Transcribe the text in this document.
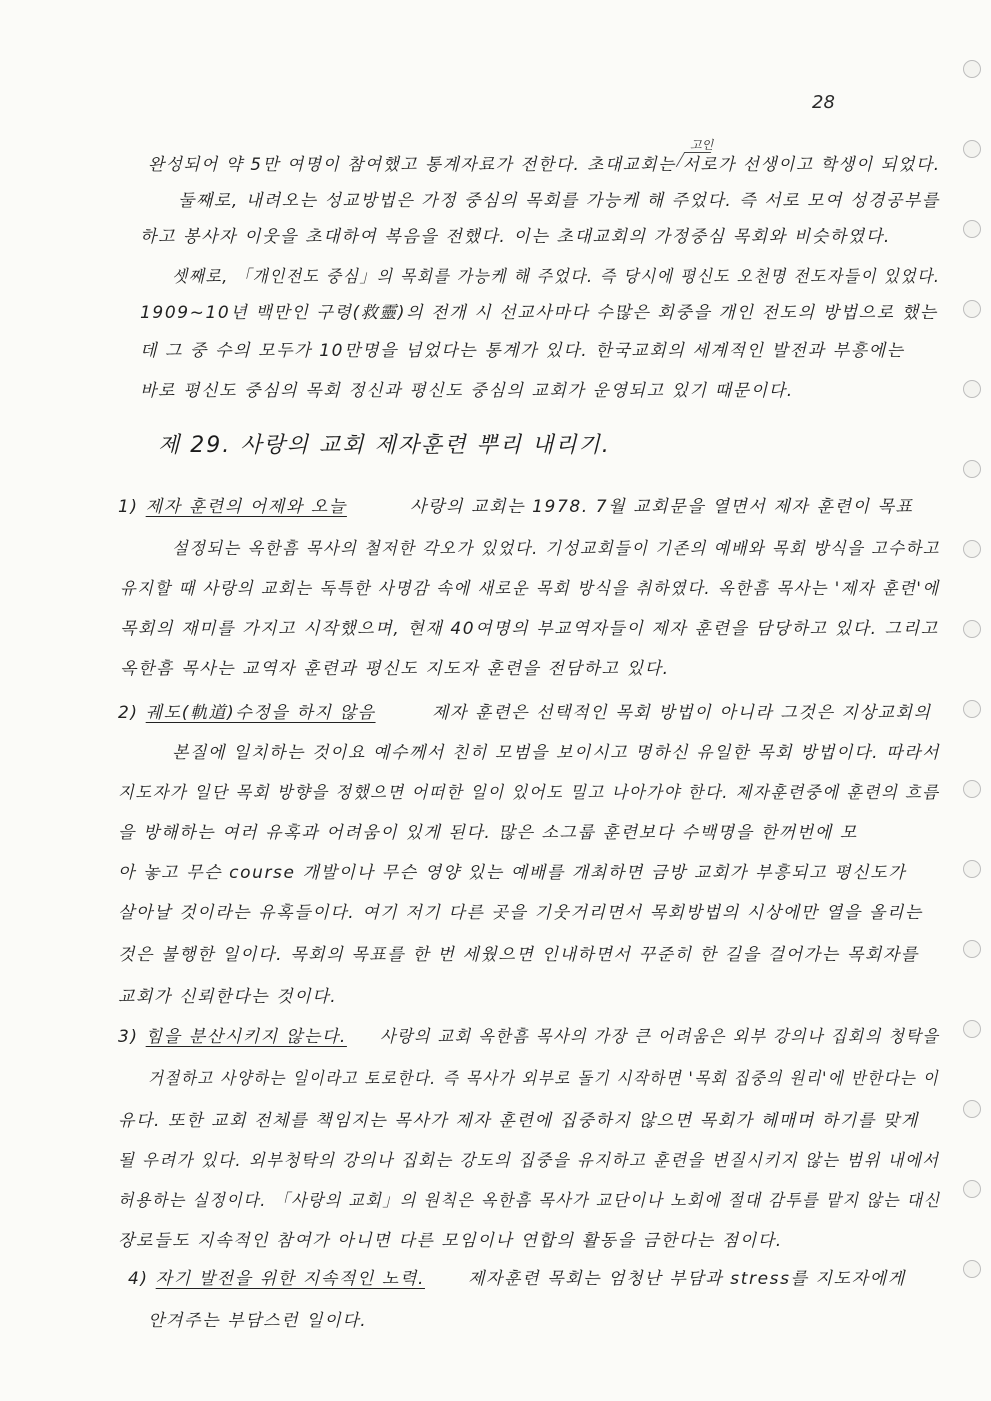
28
고인
완성되어 약 5만 여명이 참여했고 통계자료가 전한다. 초대교회는 서로가 선생이고 학생이 되었다.
둘째로, 내려오는 성교방법은 가정 중심의 목회를 가능케 해 주었다. 즉 서로 모여 성경공부를
하고 봉사자 이웃을 초대하여 복음을 전했다. 이는 초대교회의 가정중심 목회와 비슷하였다.
셋째로, 「개인전도 중심」의 목회를 가능케 해 주었다. 즉 당시에 평신도 오천명 전도자들이 있었다.
1909~10년 백만인 구령(救靈)의 전개 시 선교사마다 수많은 회중을 개인 전도의 방법으로 했는
데 그 중 수의 모두가 10만명을 넘었다는 통계가 있다. 한국교회의 세계적인 발전과 부흥에는
바로 평신도 중심의 목회 정신과 평신도 중심의 교회가 운영되고 있기 때문이다.
제 29. 사랑의 교회 제자훈련 뿌리 내리기.
1) 제자 훈련의 어제와 오늘	사랑의 교회는 1978. 7월 교회문을 열면서 제자 훈련이 목표
설정되는 옥한흠 목사의 철저한 각오가 있었다. 기성교회들이 기존의 예배와 목회 방식을 고수하고
유지할 때 사랑의 교회는 독특한 사명감 속에 새로운 목회 방식을 취하였다. 옥한흠 목사는 '제자 훈련'에
목회의 재미를 가지고 시작했으며, 현재 40여명의 부교역자들이 제자 훈련을 담당하고 있다. 그리고
옥한흠 목사는 교역자 훈련과 평신도 지도자 훈련을 전담하고 있다.
2) 궤도(軌道)수정을 하지 않음	제자 훈련은 선택적인 목회 방법이 아니라 그것은 지상교회의
본질에 일치하는 것이요 예수께서 친히 모범을 보이시고 명하신 유일한 목회 방법이다. 따라서
지도자가 일단 목회 방향을 정했으면 어떠한 일이 있어도 밀고 나아가야 한다. 제자훈련중에 훈련의 흐름
을 방해하는 여러 유혹과 어려움이 있게 된다. 많은 소그룹 훈련보다 수백명을 한꺼번에 모
아 놓고 무슨 course 개발이나 무슨 영양 있는 예배를 개최하면 금방 교회가 부흥되고 평신도가
살아날 것이라는 유혹들이다. 여기 저기 다른 곳을 기웃거리면서 목회방법의 시상에만 열을 올리는
것은 불행한 일이다. 목회의 목표를 한 번 세웠으면 인내하면서 꾸준히 한 길을 걸어가는 목회자를
교회가 신뢰한다는 것이다.
3) 힘을 분산시키지 않는다. 사랑의 교회 옥한흠 목사의 가장 큰 어려움은 외부 강의나 집회의 청탁을
거절하고 사양하는 일이라고 토로한다. 즉 목사가 외부로 돌기 시작하면 '목회 집중의 원리'에 반한다는 이
유다. 또한 교회 전체를 책임지는 목사가 제자 훈련에 집중하지 않으면 목회가 헤매며 하기를 맞게
될 우려가 있다. 외부청탁의 강의나 집회는 강도의 집중을 유지하고 훈련을 변질시키지 않는 범위 내에서
허용하는 실정이다. 「사랑의 교회」의 원칙은 옥한흠 목사가 교단이나 노회에 절대 감투를 맡지 않는 대신
장로들도 지속적인 참여가 아니면 다른 모임이나 연합의 활동을 금한다는 점이다.
4) 자기 발전을 위한 지속적인 노력.	제자훈련 목회는 엄청난 부담과 stress를 지도자에게
안겨주는 부담스런 일이다.
